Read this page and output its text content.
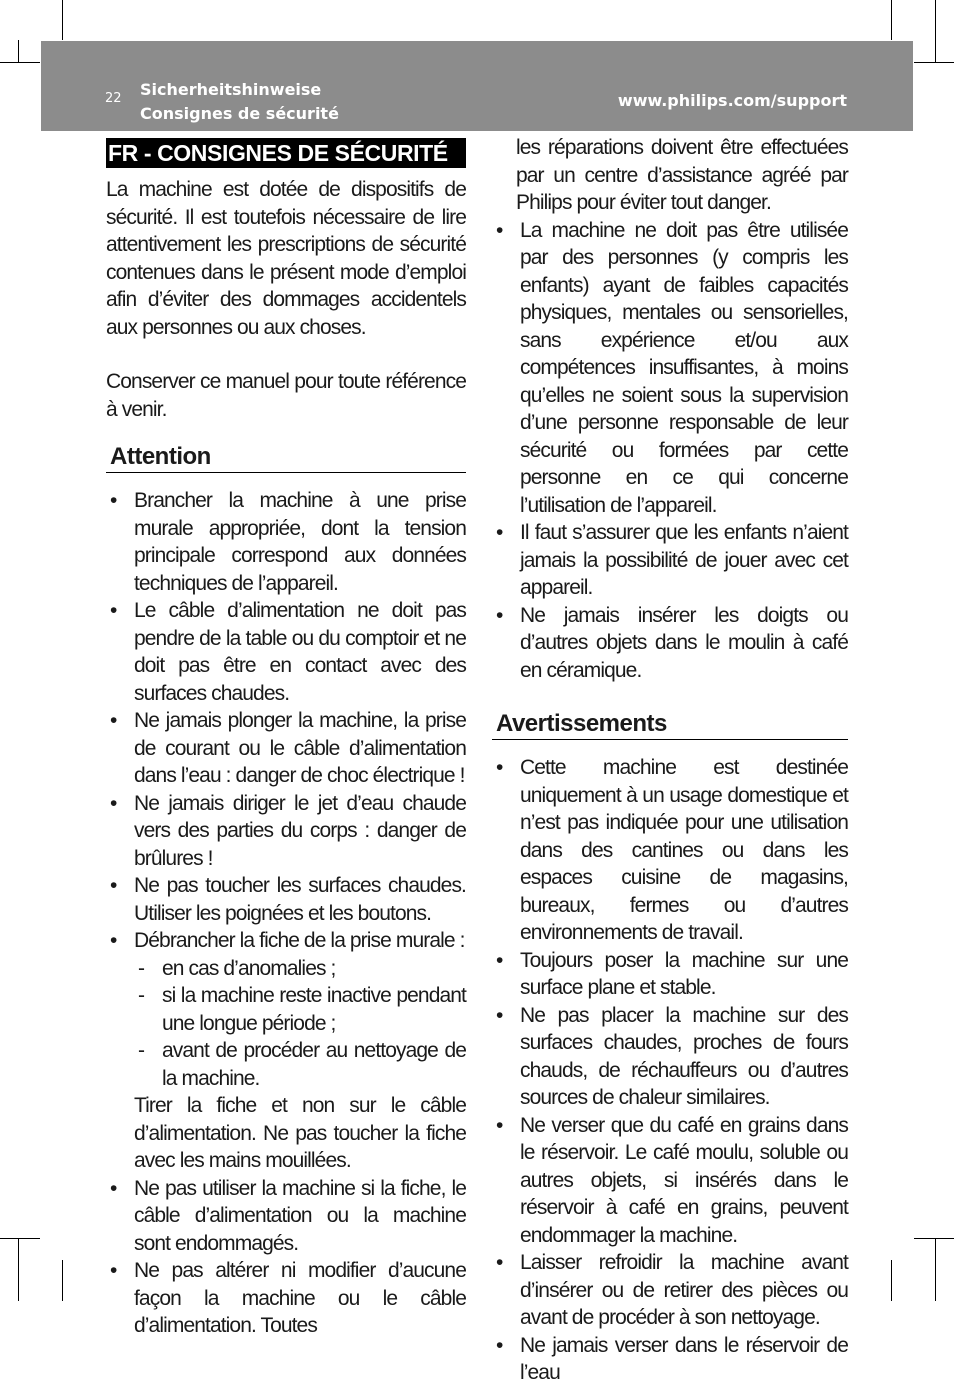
22 Sicherheitshinweise
Consignes de sécurité
www.philips.com/support
FR - CONSIGNES DE SÉCURITÉ

La machine est dotée de dispositifs de sécurité. Il est toutefois nécessaire de lire attentivement les prescriptions de sécurité contenues dans le présent mode d’emploi afin d’éviter des dommages accidentels aux personnes ou aux choses.

Conserver ce manuel pour toute référence à venir.

Attention
• Brancher la machine à une prise murale appropriée, dont la tension principale correspond aux données techniques de l’appareil.
• Le câble d’alimentation ne doit pas pendre de la table ou du comptoir et ne doit pas être en contact avec des surfaces chaudes.
• Ne jamais plonger la machine, la prise de courant ou le câble d’alimentation dans l’eau : danger de choc électrique !
• Ne jamais diriger le jet d’eau chaude vers des parties du corps : danger de brûlures !
• Ne pas toucher les surfaces chaudes. Utiliser les poignées et les boutons.
• Débrancher la fiche de la prise murale :
- en cas d’anomalies ;
- si la machine reste inactive pendant une longue période ;
- avant de procéder au nettoyage de la machine.
Tirer la fiche et non sur le câble d’alimentation. Ne pas toucher la fiche avec les mains mouillées.
• Ne pas utiliser la machine si la fiche, le câble d’alimentation ou la machine sont endommagés.
• Ne pas altérer ni modifier d’aucune façon la machine ou le câble d’alimentation. Toutes
les réparations doivent être effectuées par un centre d’assistance agréé par Philips pour éviter tout danger.
• La machine ne doit pas être utilisée par des personnes (y compris les enfants) ayant de faibles capacités physiques, mentales ou sensorielles, sans expérience et/ou aux compétences insuffisantes, à moins qu’elles ne soient sous la supervision d’une personne responsable de leur sécurité ou formées par cette personne en ce qui concerne l’utilisation de l’appareil.
• Il faut s’assurer que les enfants n’aient jamais la possibilité de jouer avec cet appareil.
• Ne jamais insérer les doigts ou d’autres objets dans le moulin à café en céramique.
Avertissements
• Cette machine est destinée uniquement à un usage domestique et n’est pas indiquée pour une utilisation dans des cantines ou dans les espaces cuisine de magasins, bureaux, fermes ou d’autres environnements de travail.
• Toujours poser la machine sur une surface plane et stable.
• Ne pas placer la machine sur des surfaces chaudes, proches de fours chauds, de réchauffeurs ou d’autres sources de chaleur similaires.
• Ne verser que du café en grains dans le réservoir. Le café moulu, soluble ou autres objets, si insérés dans le réservoir à café en grains, peuvent endommager la machine.
• Laisser refroidir la machine avant d’insérer ou de retirer des pièces ou avant de procéder à son nettoyage.
• Ne jamais verser dans le réservoir de l’eau
